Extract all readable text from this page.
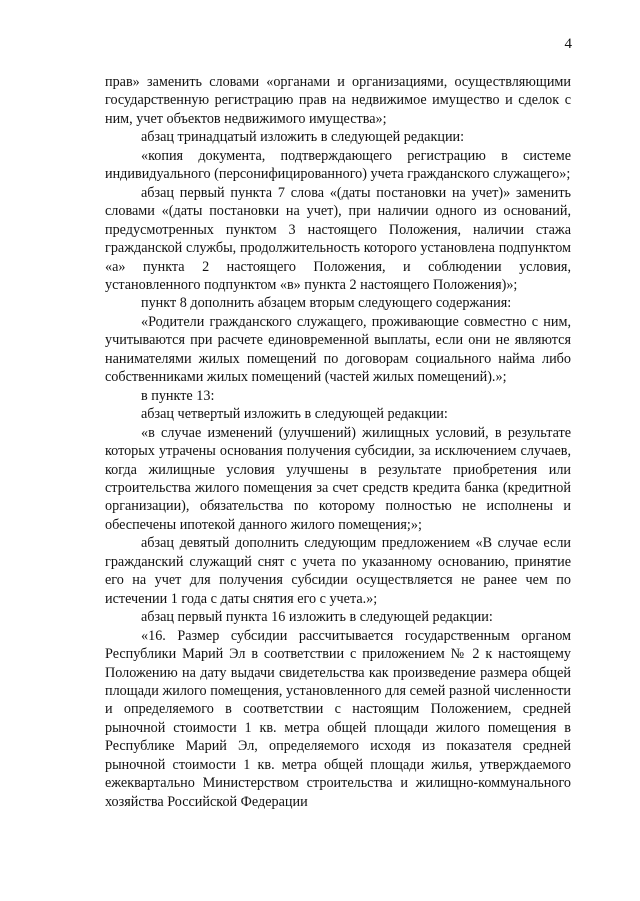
4

прав» заменить словами «органами и организациями, осуществляющими государственную регистрацию прав на недвижимое имущество и сделок с ним, учет объектов недвижимого имущества»;

абзац тринадцатый изложить в следующей редакции:

«копия документа, подтверждающего регистрацию в системе индивидуального (персонифицированного) учета гражданского служащего»;

абзац первый пункта 7 слова «(даты постановки на учет)» заменить словами «(даты постановки на учет), при наличии одного из оснований, предусмотренных пунктом 3 настоящего Положения, наличии стажа гражданской службы, продолжительность которого установлена подпунктом «а» пункта 2 настоящего Положения, и соблюдении условия, установленного подпунктом «в» пункта 2 настоящего Положения)»;

пункт 8 дополнить абзацем вторым следующего содержания:

«Родители гражданского служащего, проживающие совместно с ним, учитываются при расчете единовременной выплаты, если они не являются нанимателями жилых помещений по договорам социального найма либо собственниками жилых помещений (частей жилых помещений).»;

в пункте 13:

абзац четвертый изложить в следующей редакции:

«в случае изменений (улучшений) жилищных условий, в результате которых утрачены основания получения субсидии, за исключением случаев, когда жилищные условия улучшены в результате приобретения или строительства жилого помещения за счет средств кредита банка (кредитной организации), обязательства по которому полностью не исполнены и обеспечены ипотекой данного жилого помещения;»;

абзац девятый дополнить следующим предложением «В случае если гражданский служащий снят с учета по указанному основанию, принятие его на учет для получения субсидии осуществляется не ранее чем по истечении 1 года с даты снятия его с учета.»;

абзац первый пункта 16 изложить в следующей редакции:

«16. Размер субсидии рассчитывается государственным органом Республики Марий Эл в соответствии с приложением № 2 к настоящему Положению на дату выдачи свидетельства как произведение размера общей площади жилого помещения, установленного для семей разной численности и определяемого в соответствии с настоящим Положением, средней рыночной стоимости 1 кв. метра общей площади жилого помещения в Республике Марий Эл, определяемого исходя из показателя средней рыночной стоимости 1 кв. метра общей площади жилья, утверждаемого ежеквартально Министерством строительства и жилищно-коммунального хозяйства Российской Федерации
